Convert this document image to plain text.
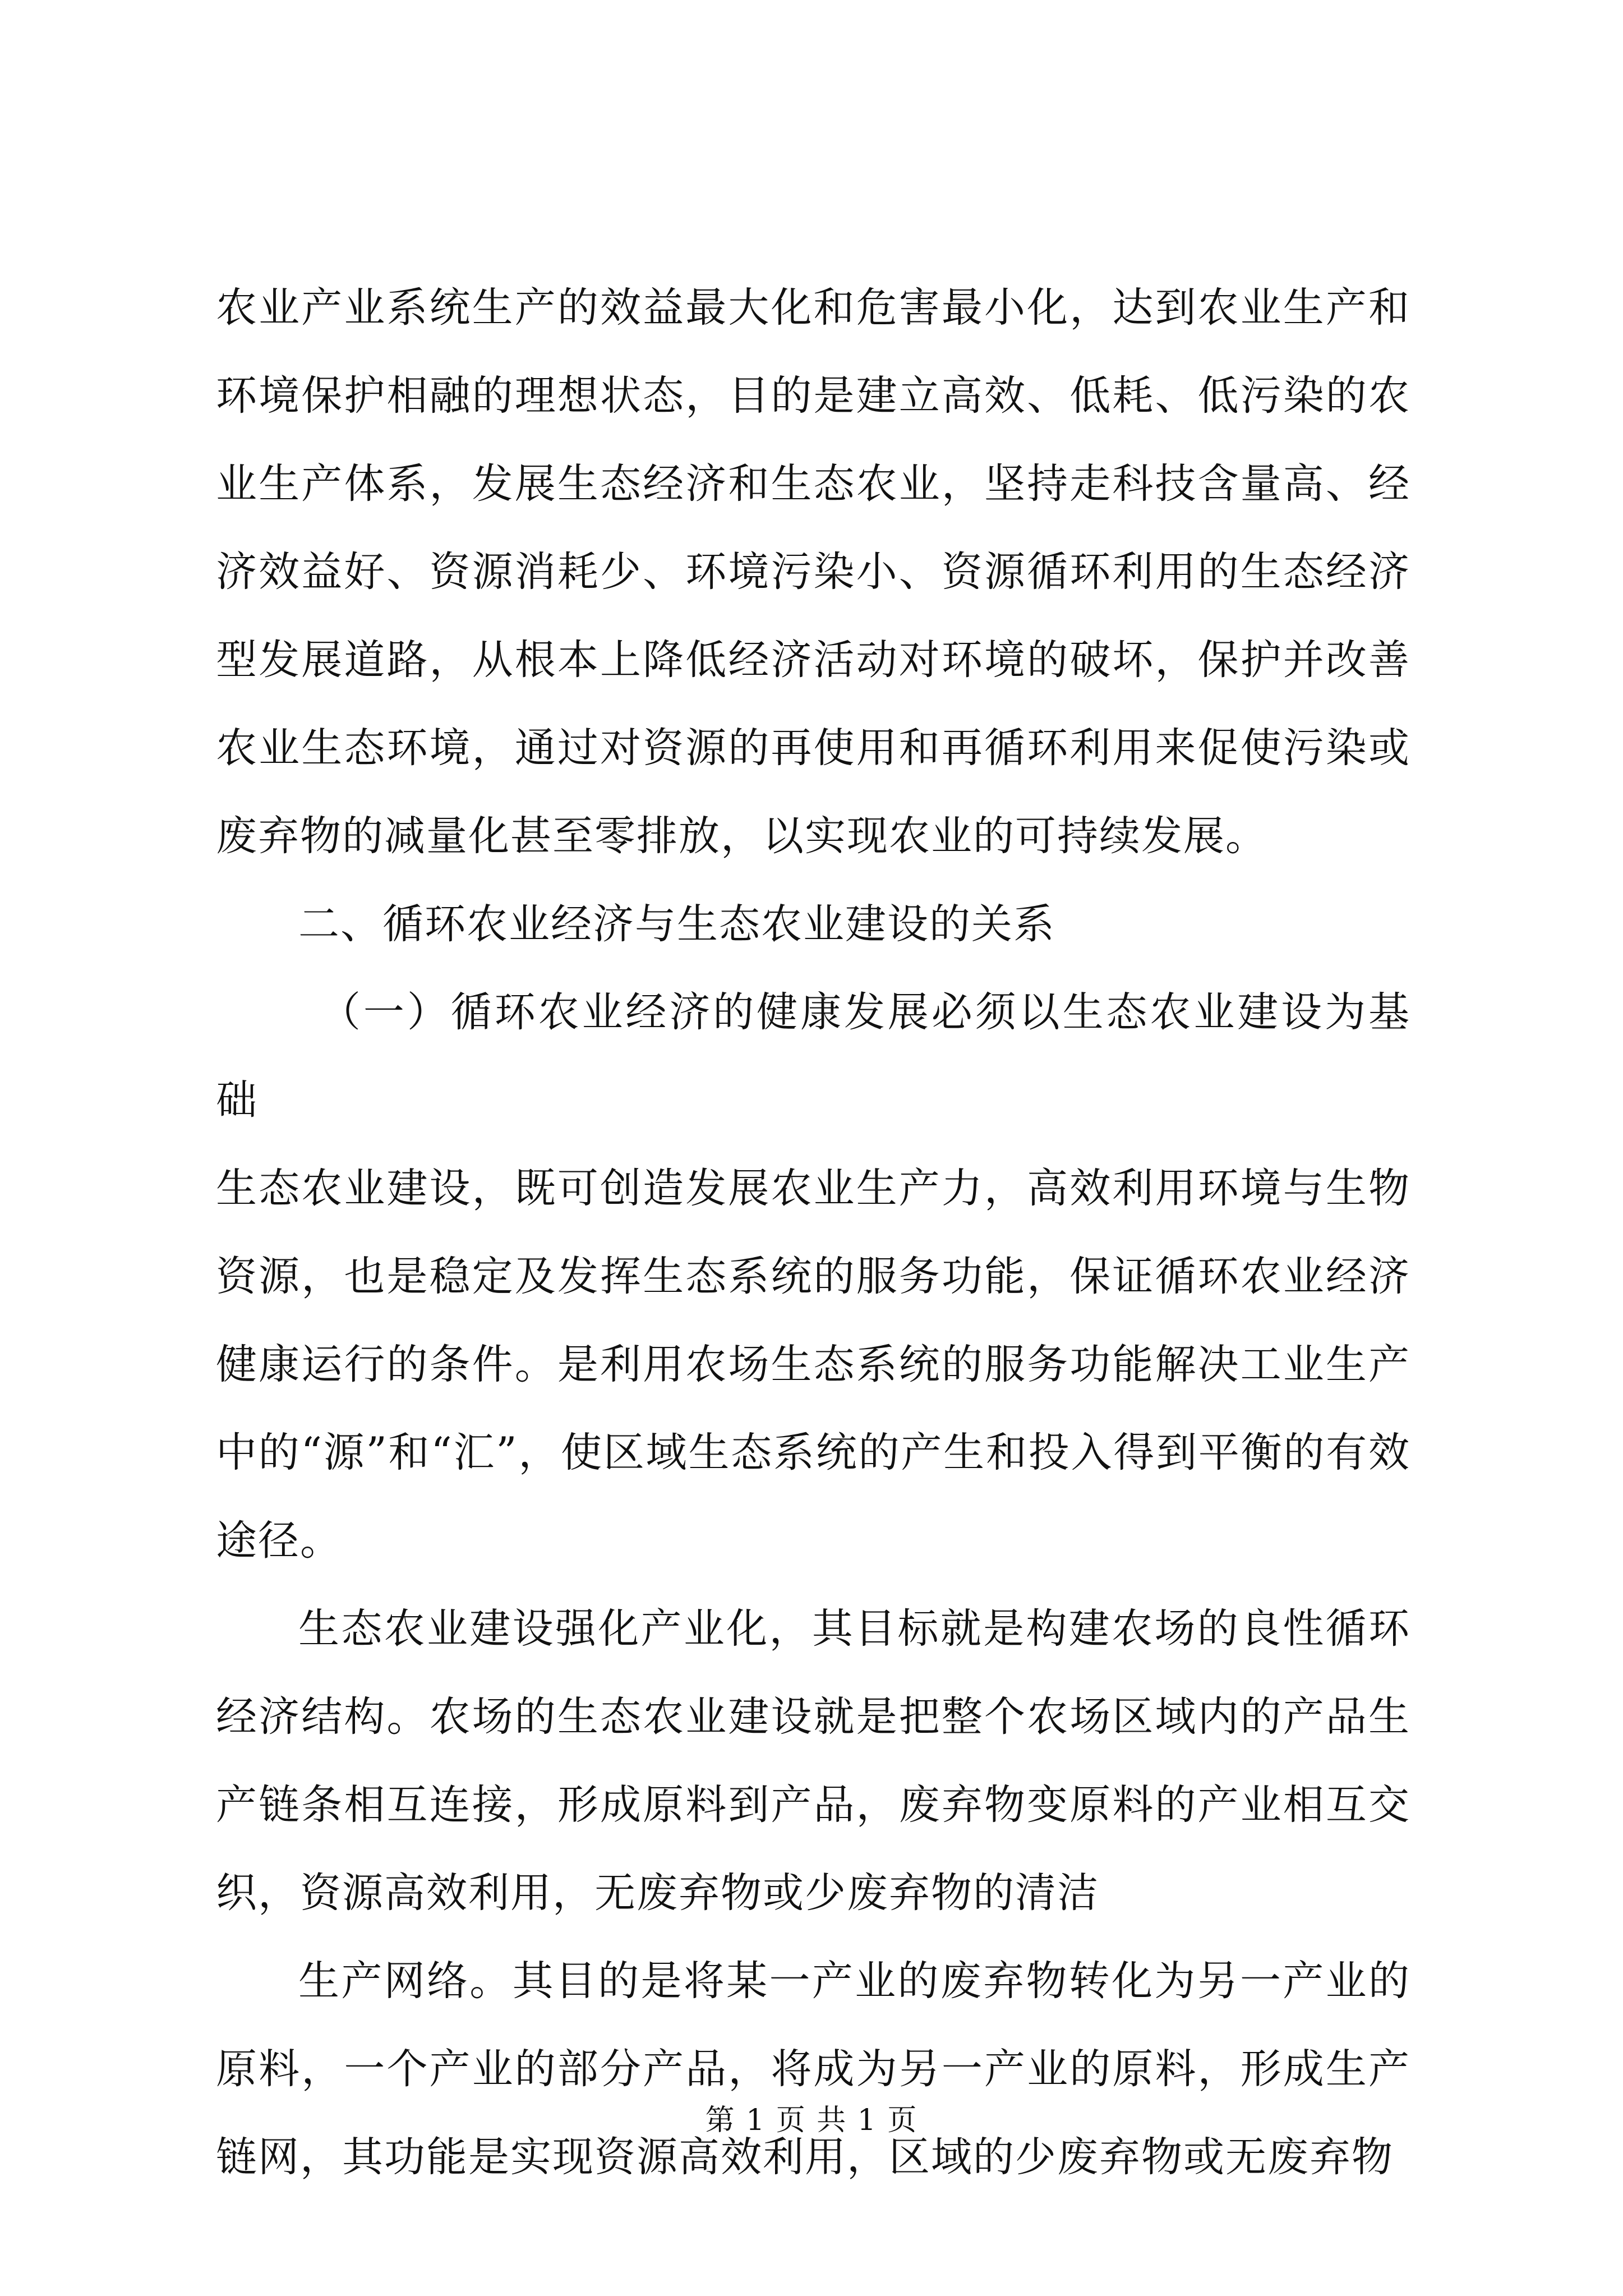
农业产业系统生产的效益最大化和危害最小化，达到农业生产和环境保护相融的理想状态，目的是建立高效、低耗、低污染的农业生产体系，发展生态经济和生态农业，坚持走科技含量高、经济效益好、资源消耗少、环境污染小、资源循环利用的生态经济型发展道路，从根本上降低经济活动对环境的破坏，保护并改善农业生态环境，通过对资源的再使用和再循环利用来促使污染或废弃物的减量化甚至零排放，以实现农业的可持续发展。

二、循环农业经济与生态农业建设的关系

（一）循环农业经济的健康发展必须以生态农业建设为基础

生态农业建设，既可创造发展农业生产力，高效利用环境与生物资源，也是稳定及发挥生态系统的服务功能，保证循环农业经济健康运行的条件。是利用农场生态系统的服务功能解决工业生产中的“源”和“汇”，使区域生态系统的产生和投入得到平衡的有效途径。

生态农业建设强化产业化，其目标就是构建农场的良性循环经济结构。农场的生态农业建设就是把整个农场区域内的产品生产链条相互连接，形成原料到产品，废弃物变原料的产业相互交织，资源高效利用，无废弃物或少废弃物的清洁

生产网络。其目的是将某一产业的废弃物转化为另一产业的原料，一个产业的部分产品，将成为另一产业的原料，形成生产链网，其功能是实现资源高效利用，区域的少废弃物或无废弃物

第 1 页 共 1 页
